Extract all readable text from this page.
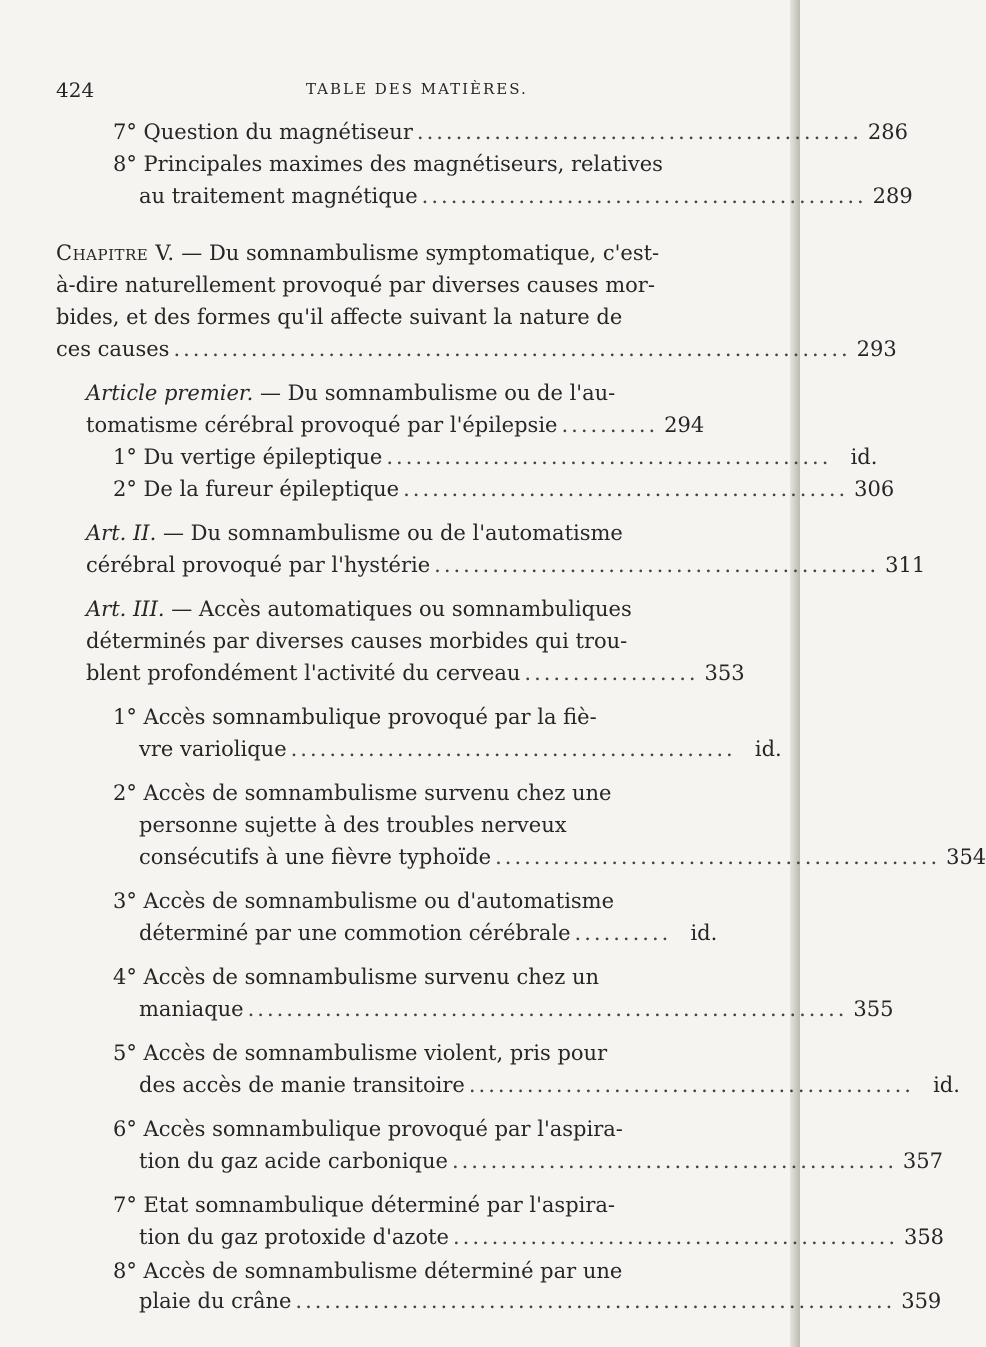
424	TABLE DES MATIÈRES.
7° Question du magnétiseur .............................................. 286
8° Principales maximes des magnétiseurs, relatives
au traitement magnétique .............................................. 289
Chapitre V. — Du somnambulisme symptomatique, c'est-
à-dire naturellement provoqué par diverses causes mor-
bides, et des formes qu'il affecte suivant la nature de
ces causes ...................................................................... 293
Article premier. — Du somnambulisme ou de l'au-
tomatisme cérébral provoqué par l'épilepsie .......... 294
1° Du vertige épileptique .............................................. id.
2° De la fureur épileptique .............................................. 306
Art. II. — Du somnambulisme ou de l'automatisme
cérébral provoqué par l'hystérie .............................................. 311
Art. III. — Accès automatiques ou somnambuliques
déterminés par diverses causes morbides qui trou-
blent profondément l'activité du cerveau .................. 353
1° Accès somnambulique provoqué par la fiè-
vre variolique .............................................. id.
2° Accès de somnambulisme survenu chez une
personne sujette à des troubles nerveux
consécutifs à une fièvre typhoïde .............................................. 354
3° Accès de somnambulisme ou d'automatisme
déterminé par une commotion cérébrale .......... id.
4° Accès de somnambulisme survenu chez un
maniaque .............................................................. 355
5° Accès de somnambulisme violent, pris pour
des accès de manie transitoire .............................................. id.
6° Accès somnambulique provoqué par l'aspira-
tion du gaz acide carbonique .............................................. 357
7° Etat somnambulique déterminé par l'aspira-
tion du gaz protoxide d'azote .............................................. 358
8° Accès de somnambulisme déterminé par une
plaie du crâne .............................................................. 359
